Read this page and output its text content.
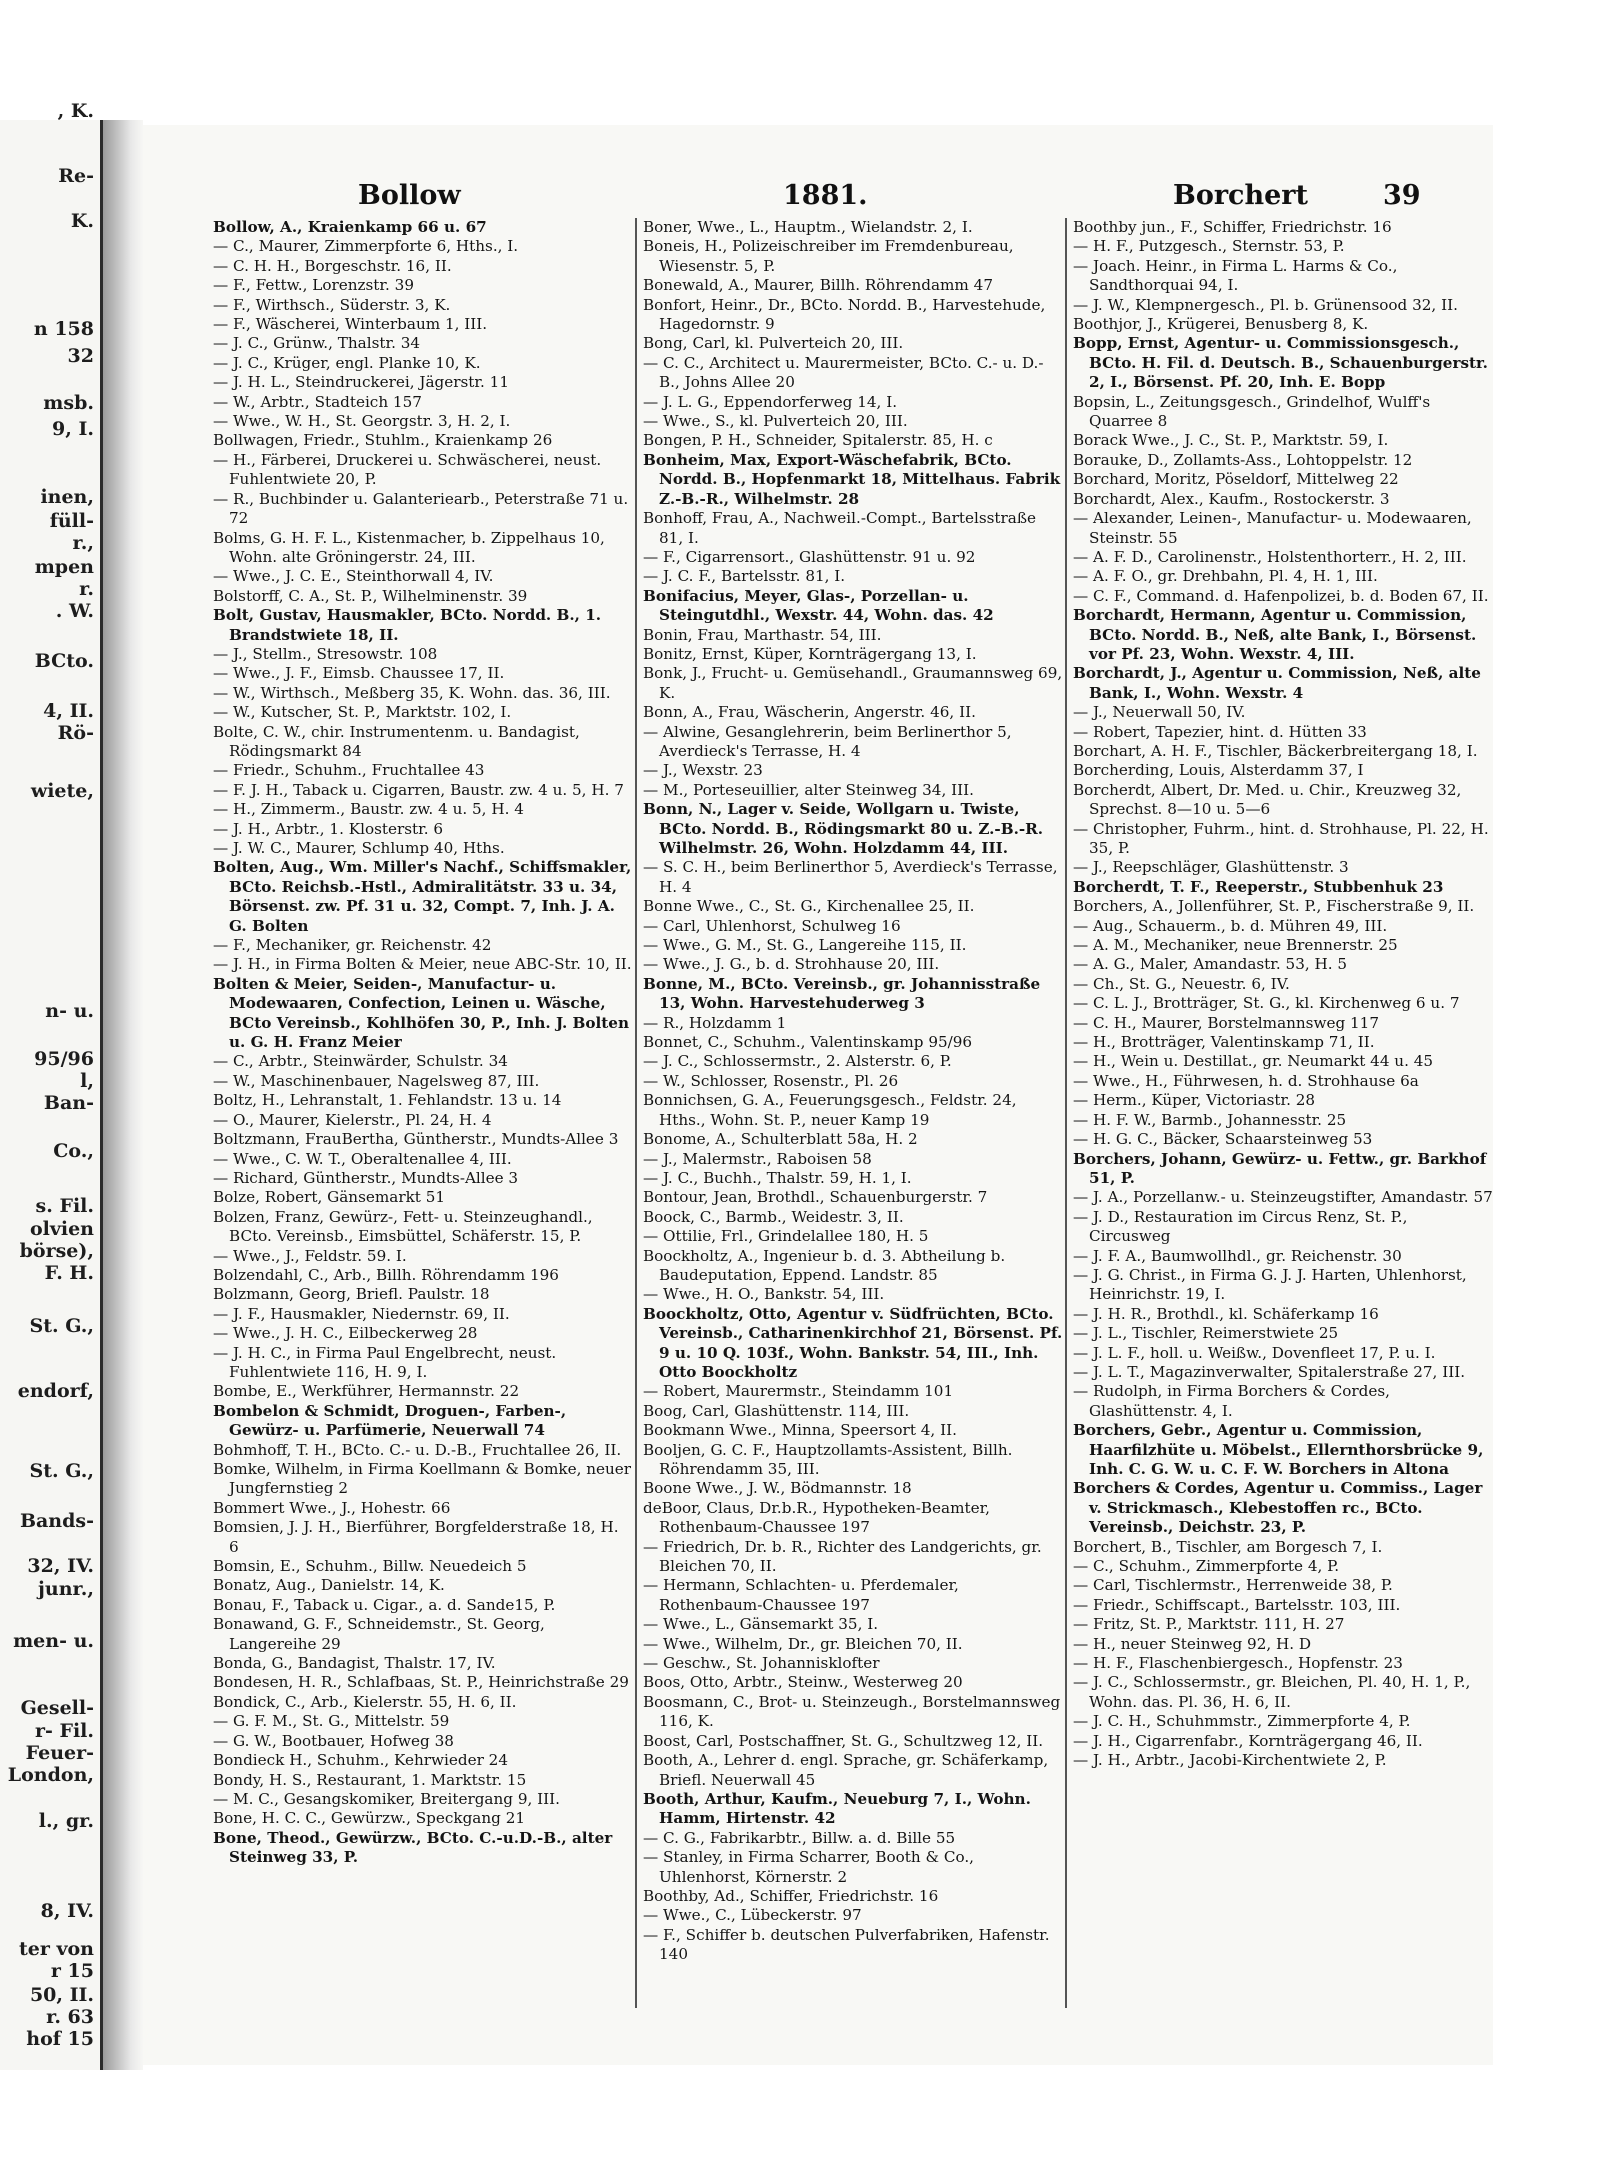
, K.
Re-
K.
n 158
32
msb.
9, I.
inen,
füll-
r.,
mpen
r.
. W.
BCto.
4, II.
Rö-
wiete,
n- u.
95/96
l,
Ban-
Co.,
s. Fil.
olvien
börse),
F. H.
St. G.,
endorf,
St. G.,
Bands-
32, IV.
junr.,
men- u.
Gesell-
r- Fil.
Feuer-
London,
l., gr.
8, IV.
ter von
r 15
50, II.
r. 63
hof 15
Bollow	1881.	Borchert	39

Bollow, A., Kraienkamp 66 u. 67

— C., Maurer, Zimmerpforte 6, Hths., I.

— C. H. H., Borgeschstr. 16, II.

— F., Fettw., Lorenzstr. 39

— F., Wirthsch., Süderstr. 3, K.

— F., Wäscherei, Winterbaum 1, III.

— J. C., Grünw., Thalstr. 34

— J. C., Krüger, engl. Planke 10, K.

— J. H. L., Steindruckerei, Jägerstr. 11

— W., Arbtr., Stadteich 157

— Wwe., W. H., St. Georgstr. 3, H. 2, I.

Bollwagen, Friedr., Stuhlm., Kraienkamp 26

— H., Färberei, Druckerei u. Schwäscherei, neust. Fuhlentwiete 20, P.

— R., Buchbinder u. Galanteriearb., Peterstraße 71 u. 72

Bolms, G. H. F. L., Kistenmacher, b. Zippelhaus 10, Wohn. alte Gröningerstr. 24, III.

— Wwe., J. C. E., Steinthorwall 4, IV.

Bolstorff, C. A., St. P., Wilhelminenstr. 39

Bolt, Gustav, Hausmakler, BCto. Nordd. B., 1. Brandstwiete 18, II.

— J., Stellm., Stresowstr. 108

— Wwe., J. F., Eimsb. Chaussee 17, II.

— W., Wirthsch., Meßberg 35, K. Wohn. das. 36, III.

— W., Kutscher, St. P., Marktstr. 102, I.

Bolte, C. W., chir. Instrumentenm. u. Bandagist, Rödingsmarkt 84

— Friedr., Schuhm., Fruchtallee 43

— F. J. H., Taback u. Cigarren, Baustr. zw. 4 u. 5, H. 7

— H., Zimmerm., Baustr. zw. 4 u. 5, H. 4

— J. H., Arbtr., 1. Klosterstr. 6

— J. W. C., Maurer, Schlump 40, Hths.

Bolten, Aug., Wm. Miller's Nachf., Schiffsmakler, BCto. Reichsb.-Hstl., Admiralitätstr. 33 u. 34, Börsenst. zw. Pf. 31 u. 32, Compt. 7, Inh. J. A. G. Bolten

— F., Mechaniker, gr. Reichenstr. 42

— J. H., in Firma Bolten & Meier, neue ABC-Str. 10, II.

Bolten & Meier, Seiden-, Manufactur- u. Modewaaren, Confection, Leinen u. Wäsche, BCto Vereinsb., Kohlhöfen 30, P., Inh. J. Bolten u. G. H. Franz Meier

— C., Arbtr., Steinwärder, Schulstr. 34

— W., Maschinenbauer, Nagelsweg 87, III.

Boltz, H., Lehranstalt, 1. Fehlandstr. 13 u. 14

— O., Maurer, Kielerstr., Pl. 24, H. 4

Boltzmann, FrauBertha, Güntherstr., Mundts-Allee 3

— Wwe., C. W. T., Oberaltenallee 4, III.

— Richard, Güntherstr., Mundts-Allee 3

Bolze, Robert, Gänsemarkt 51

Bolzen, Franz, Gewürz-, Fett- u. Steinzeughandl., BCto. Vereinsb., Eimsbüttel, Schäferstr. 15, P.

— Wwe., J., Feldstr. 59. I.

Bolzendahl, C., Arb., Billh. Röhrendamm 196

Bolzmann, Georg, Briefl. Paulstr. 18

— J. F., Hausmakler, Niedernstr. 69, II.

— Wwe., J. H. C., Eilbeckerweg 28

— J. H. C., in Firma Paul Engelbrecht, neust. Fuhlentwiete 116, H. 9, I.

Bombe, E., Werkführer, Hermannstr. 22

Bombelon & Schmidt, Droguen-, Farben-, Gewürz- u. Parfümerie, Neuerwall 74

Bohmhoff, T. H., BCto. C.- u. D.-B., Fruchtallee 26, II.

Bomke, Wilhelm, in Firma Koellmann & Bomke, neuer Jungfernstieg 2

Bommert Wwe., J., Hohestr. 66

Bomsien, J. J. H., Bierführer, Borgfelderstraße 18, H. 6

Bomsin, E., Schuhm., Billw. Neuedeich 5

Bonatz, Aug., Danielstr. 14, K.

Bonau, F., Taback u. Cigar., a. d. Sande15, P.

Bonawand, G. F., Schneidemstr., St. Georg, Langereihe 29

Bonda, G., Bandagist, Thalstr. 17, IV.

Bondesen, H. R., Schlafbaas, St. P., Heinrichstraße 29

Bondick, C., Arb., Kielerstr. 55, H. 6, II.

— G. F. M., St. G., Mittelstr. 59

— G. W., Bootbauer, Hofweg 38

Bondieck H., Schuhm., Kehrwieder 24

Bondy, H. S., Restaurant, 1. Marktstr. 15

— M. C., Gesangskomiker, Breitergang 9, III.

Bone, H. C. C., Gewürzw., Speckgang 21

Bone, Theod., Gewürzw., BCto. C.-u.D.-B., alter Steinweg 33, P.

Boner, Wwe., L., Hauptm., Wielandstr. 2, I.

Boneis, H., Polizeischreiber im Fremdenbureau, Wiesenstr. 5, P.

Bonewald, A., Maurer, Billh. Röhrendamm 47

Bonfort, Heinr., Dr., BCto. Nordd. B., Harvestehude, Hagedornstr. 9

Bong, Carl, kl. Pulverteich 20, III.

— C. C., Architect u. Maurermeister, BCto. C.- u. D.-B., Johns Allee 20

— J. L. G., Eppendorferweg 14, I.

— Wwe., S., kl. Pulverteich 20, III.

Bongen, P. H., Schneider, Spitalerstr. 85, H. c

Bonheim, Max, Export-Wäschefabrik, BCto. Nordd. B., Hopfenmarkt 18, Mittelhaus. Fabrik Z.-B.-R., Wilhelmstr. 28

Bonhoff, Frau, A., Nachweil.-Compt., Bartelsstraße 81, I.

— F., Cigarrensort., Glashüttenstr. 91 u. 92

— J. C. F., Bartelsstr. 81, I.

Bonifacius, Meyer, Glas-, Porzellan- u. Steingutdhl., Wexstr. 44, Wohn. das. 42

Bonin, Frau, Marthastr. 54, III.

Bonitz, Ernst, Küper, Kornträgergang 13, I.

Bonk, J., Frucht- u. Gemüsehandl., Graumannsweg 69, K.

Bonn, A., Frau, Wäscherin, Angerstr. 46, II.

— Alwine, Gesanglehrerin, beim Berlinerthor 5, Averdieck's Terrasse, H. 4

— J., Wexstr. 23

— M., Porteseuillier, alter Steinweg 34, III.

Bonn, N., Lager v. Seide, Wollgarn u. Twiste, BCto. Nordd. B., Rödingsmarkt 80 u. Z.-B.-R. Wilhelmstr. 26, Wohn. Holzdamm 44, III.

— S. C. H., beim Berlinerthor 5, Averdieck's Terrasse, H. 4

Bonne Wwe., C., St. G., Kirchenallee 25, II.

— Carl, Uhlenhorst, Schulweg 16

— Wwe., G. M., St. G., Langereihe 115, II.

— Wwe., J. G., b. d. Strohhause 20, III.

Bonne, M., BCto. Vereinsb., gr. Johannisstraße 13, Wohn. Harvestehuderweg 3

— R., Holzdamm 1

Bonnet, C., Schuhm., Valentinskamp 95/96

— J. C., Schlossermstr., 2. Alsterstr. 6, P.

— W., Schlosser, Rosenstr., Pl. 26

Bonnichsen, G. A., Feuerungsgesch., Feldstr. 24, Hths., Wohn. St. P., neuer Kamp 19

Bonome, A., Schulterblatt 58a, H. 2

— J., Malermstr., Raboisen 58

— J. C., Buchh., Thalstr. 59, H. 1, I.

Bontour, Jean, Brothdl., Schauenburgerstr. 7

Boock, C., Barmb., Weidestr. 3, II.

— Ottilie, Frl., Grindelallee 180, H. 5

Boockholtz, A., Ingenieur b. d. 3. Abtheilung b. Baudeputation, Eppend. Landstr. 85

— Wwe., H. O., Bankstr. 54, III.

Boockholtz, Otto, Agentur v. Südfrüchten, BCto. Vereinsb., Catharinenkirchhof 21, Börsenst. Pf. 9 u. 10 Q. 103f., Wohn. Bankstr. 54, III., Inh. Otto Boockholtz

— Robert, Maurermstr., Steindamm 101

Boog, Carl, Glashüttenstr. 114, III.

Bookmann Wwe., Minna, Speersort 4, II.

Booljen, G. C. F., Hauptzollamts-Assistent, Billh. Röhrendamm 35, III.

Boone Wwe., J. W., Bödmannstr. 18

deBoor, Claus, Dr.b.R., Hypotheken-Beamter, Rothenbaum-Chaussee 197

— Friedrich, Dr. b. R., Richter des Landgerichts, gr. Bleichen 70, II.

— Hermann, Schlachten- u. Pferdemaler, Rothenbaum-Chaussee 197

— Wwe., L., Gänsemarkt 35, I.

— Wwe., Wilhelm, Dr., gr. Bleichen 70, II.

— Geschw., St. Johannisklofter

Boos, Otto, Arbtr., Steinw., Westerweg 20

Boosmann, C., Brot- u. Steinzeugh., Borstelmannsweg 116, K.

Boost, Carl, Postschaffner, St. G., Schultzweg 12, II.

Booth, A., Lehrer d. engl. Sprache, gr. Schäferkamp, Briefl. Neuerwall 45

Booth, Arthur, Kaufm., Neueburg 7, I., Wohn. Hamm, Hirtenstr. 42

— C. G., Fabrikarbtr., Billw. a. d. Bille 55

— Stanley, in Firma Scharrer, Booth & Co., Uhlenhorst, Körnerstr. 2

Boothby, Ad., Schiffer, Friedrichstr. 16

— Wwe., C., Lübeckerstr. 97

— F., Schiffer b. deutschen Pulverfabriken, Hafenstr. 140

Boothby jun., F., Schiffer, Friedrichstr. 16

— H. F., Putzgesch., Sternstr. 53, P.

— Joach. Heinr., in Firma L. Harms & Co., Sandthorquai 94, I.

— J. W., Klempnergesch., Pl. b. Grünensood 32, II.

Boothjor, J., Krügerei, Benusberg 8, K.

Bopp, Ernst, Agentur- u. Commissionsgesch., BCto. H. Fil. d. Deutsch. B., Schauenburgerstr. 2, I., Börsenst. Pf. 20, Inh. E. Bopp

Bopsin, L., Zeitungsgesch., Grindelhof, Wulff's Quarree 8

Borack Wwe., J. C., St. P., Marktstr. 59, I.

Borauke, D., Zollamts-Ass., Lohtoppelstr. 12

Borchard, Moritz, Pöseldorf, Mittelweg 22

Borchardt, Alex., Kaufm., Rostockerstr. 3

— Alexander, Leinen-, Manufactur- u. Modewaaren, Steinstr. 55

— A. F. D., Carolinenstr., Holstenthorterr., H. 2, III.

— A. F. O., gr. Drehbahn, Pl. 4, H. 1, III.

— C. F., Command. d. Hafenpolizei, b. d. Boden 67, II.

Borchardt, Hermann, Agentur u. Commission, BCto. Nordd. B., Neß, alte Bank, I., Börsenst. vor Pf. 23, Wohn. Wexstr. 4, III.

Borchardt, J., Agentur u. Commission, Neß, alte Bank, I., Wohn. Wexstr. 4

— J., Neuerwall 50, IV.

— Robert, Tapezier, hint. d. Hütten 33

Borchart, A. H. F., Tischler, Bäckerbreitergang 18, I.

Borcherding, Louis, Alsterdamm 37, I

Borcherdt, Albert, Dr. Med. u. Chir., Kreuzweg 32, Sprechst. 8—10 u. 5—6

— Christopher, Fuhrm., hint. d. Strohhause, Pl. 22, H. 35, P.

— J., Reepschläger, Glashüttenstr. 3

Borcherdt, T. F., Reeperstr., Stubbenhuk 23

Borchers, A., Jollenführer, St. P., Fischerstraße 9, II.

— Aug., Schauerm., b. d. Mühren 49, III.

— A. M., Mechaniker, neue Brennerstr. 25

— A. G., Maler, Amandastr. 53, H. 5

— Ch., St. G., Neuestr. 6, IV.

— C. L. J., Brotträger, St. G., kl. Kirchenweg 6 u. 7

— C. H., Maurer, Borstelmannsweg 117

— H., Brotträger, Valentinskamp 71, II.

— H., Wein u. Destillat., gr. Neumarkt 44 u. 45

— Wwe., H., Führwesen, h. d. Strohhause 6a

— Herm., Küper, Victoriastr. 28

— H. F. W., Barmb., Johannesstr. 25

— H. G. C., Bäcker, Schaarsteinweg 53

Borchers, Johann, Gewürz- u. Fettw., gr. Barkhof 51, P.

— J. A., Porzellanw.- u. Steinzeugstifter, Amandastr. 57

— J. D., Restauration im Circus Renz, St. P., Circusweg

— J. F. A., Baumwollhdl., gr. Reichenstr. 30

— J. G. Christ., in Firma G. J. J. Harten, Uhlenhorst, Heinrichstr. 19, I.

— J. H. R., Brothdl., kl. Schäferkamp 16

— J. L., Tischler, Reimerstwiete 25

— J. L. F., holl. u. Weißw., Dovenfleet 17, P. u. I.

— J. L. T., Magazinverwalter, Spitalerstraße 27, III.

— Rudolph, in Firma Borchers & Cordes, Glashüttenstr. 4, I.

Borchers, Gebr., Agentur u. Commission, Haarfilzhüte u. Möbelst., Ellernthorsbrücke 9, Inh. C. G. W. u. C. F. W. Borchers in Altona

Borchers & Cordes, Agentur u. Commiss., Lager v. Strickmasch., Klebestoffen rc., BCto. Vereinsb., Deichstr. 23, P.

Borchert, B., Tischler, am Borgesch 7, I.

— C., Schuhm., Zimmerpforte 4, P.

— Carl, Tischlermstr., Herrenweide 38, P.

— Friedr., Schiffscapt., Bartelsstr. 103, III.

— Fritz, St. P., Marktstr. 111, H. 27

— H., neuer Steinweg 92, H. D

— H. F., Flaschenbiergesch., Hopfenstr. 23

— J. C., Schlossermstr., gr. Bleichen, Pl. 40, H. 1, P., Wohn. das. Pl. 36, H. 6, II.

— J. C. H., Schuhmmstr., Zimmerpforte 4, P.

— J. H., Cigarrenfabr., Kornträgergang 46, II.

— J. H., Arbtr., Jacobi-Kirchentwiete 2, P.
